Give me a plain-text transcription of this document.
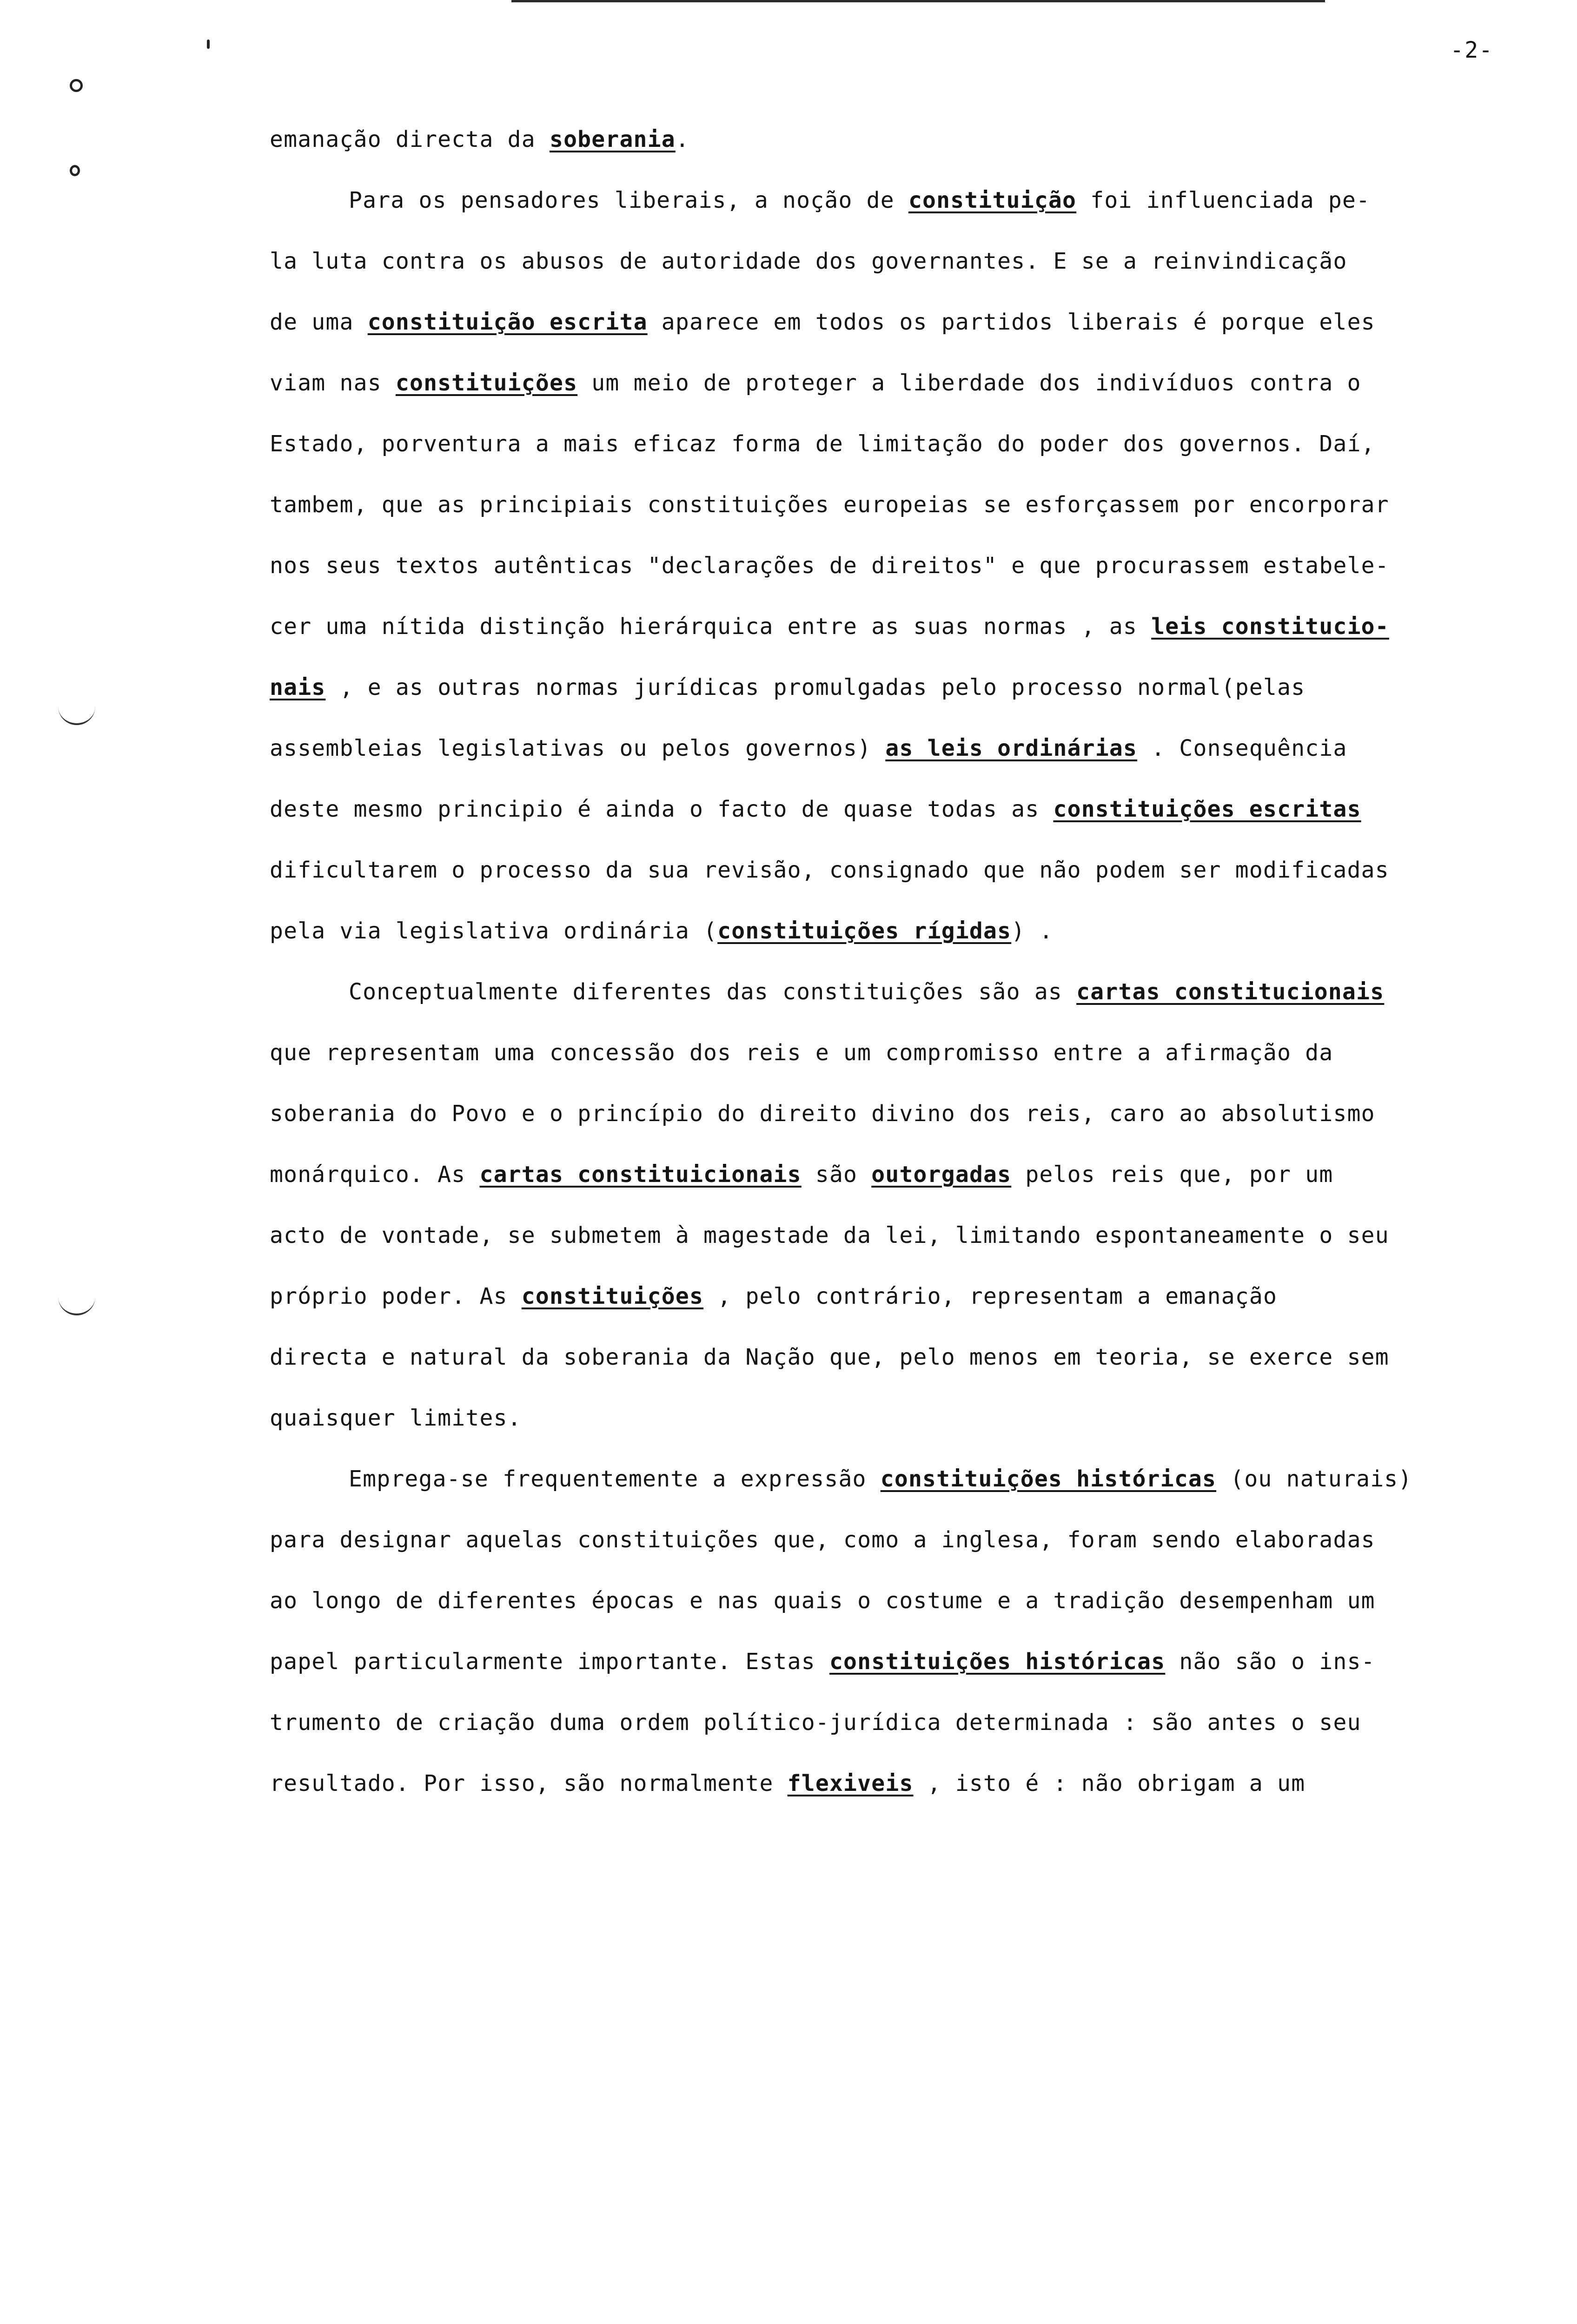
-2-
emanação directa da soberania.
Para os pensadores liberais, a noção de constituição foi influenciada pe-
la luta contra os abusos de autoridade dos governantes. E se a reinvindicação
de uma constituição escrita aparece em todos os partidos liberais é porque eles
viam nas constituições um meio de proteger a liberdade dos indivíduos contra o
Estado, porventura a mais eficaz forma de limitação do poder dos governos. Daí,
tambem, que as principiais constituições europeias se esforçassem por encorporar
nos seus textos autênticas "declarações de direitos" e que procurassem estabele-
cer uma nítida distinção hierárquica entre as suas normas , as leis constitucio-
nais , e as outras normas jurídicas promulgadas pelo processo normal(pelas
assembleias legislativas ou pelos governos) as leis ordinárias . Consequência
deste mesmo principio é ainda o facto de quase todas as constituições escritas
dificultarem o processo da sua revisão, consignado que não podem ser modificadas
pela via legislativa ordinária (constituições rígidas) .
Conceptualmente diferentes das constituições são as cartas constitucionais
que representam uma concessão dos reis e um compromisso entre a afirmação da
soberania do Povo e o princípio do direito divino dos reis, caro ao absolutismo
monárquico. As cartas constituicionais são outorgadas pelos reis que, por um
acto de vontade, se submetem à magestade da lei, limitando espontaneamente o seu
próprio poder. As constituições , pelo contrário, representam a emanação
directa e natural da soberania da Nação que, pelo menos em teoria, se exerce sem
quaisquer limites.
Emprega-se frequentemente a expressão constituições históricas (ou naturais)
para designar aquelas constituições que, como a inglesa, foram sendo elaboradas
ao longo de diferentes épocas e nas quais o costume e a tradição desempenham um
papel particularmente importante. Estas constituições históricas não são o ins-
trumento de criação duma ordem político-jurídica determinada : são antes o seu
resultado. Por isso, são normalmente flexiveis , isto é : não obrigam a um
